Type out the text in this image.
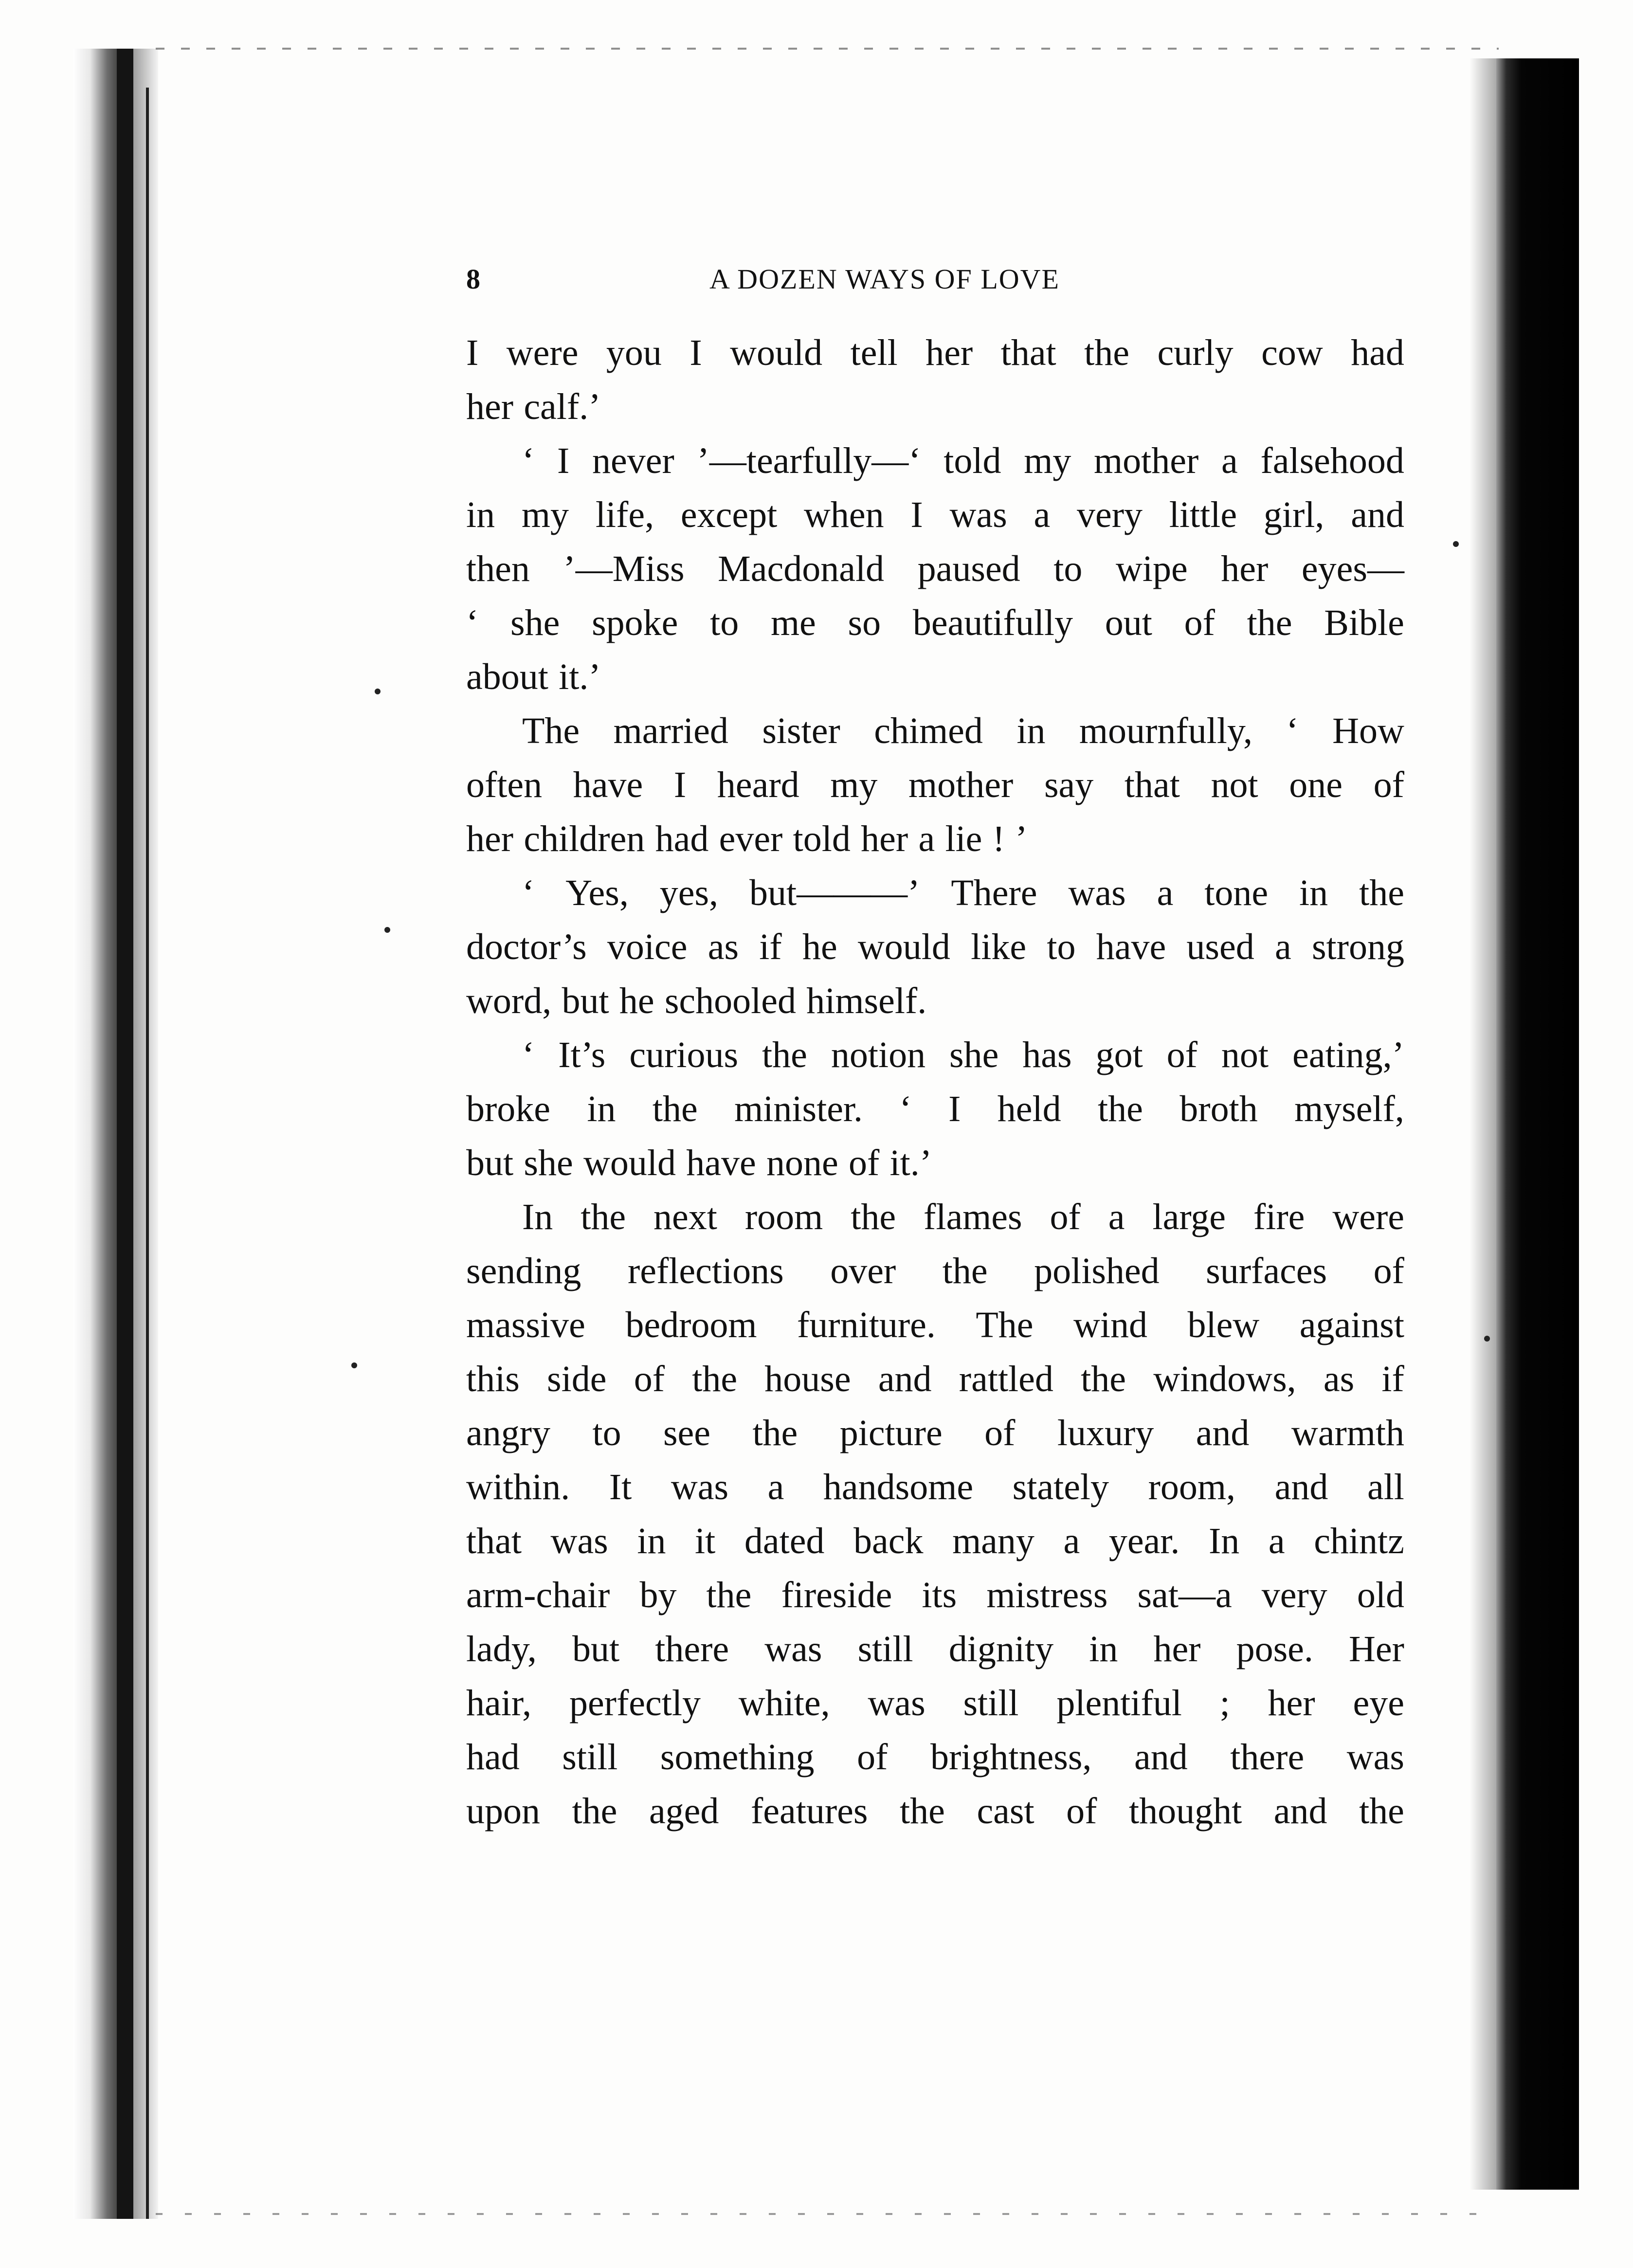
8	A DOZEN WAYS OF LOVE
I were you I would tell her that the curly cow had
her calf.’
‘ I never ’—tearfully—‘ told my mother a falsehood
in my life, except when I was a very little girl, and
then ’—Miss Macdonald paused to wipe her eyes—
‘ she spoke to me so beautifully out of the Bible
about it.’
The married sister chimed in mournfully, ‘ How
often have I heard my mother say that not one of
her children had ever told her a lie ! ’
‘ Yes, yes, but———’ There was a tone in the
doctor’s voice as if he would like to have used a strong
word, but he schooled himself.
‘ It’s curious the notion she has got of not eating,’
broke in the minister. ‘ I held the broth myself,
but she would have none of it.’
In the next room the flames of a large fire were
sending reflections over the polished surfaces of
massive bedroom furniture. The wind blew against
this side of the house and rattled the windows, as if
angry to see the picture of luxury and warmth
within. It was a handsome stately room, and all
that was in it dated back many a year. In a chintz
arm-chair by the fireside its mistress sat—a very old
lady, but there was still dignity in her pose. Her
hair, perfectly white, was still plentiful ; her eye
had still something of brightness, and there was
upon the aged features the cast of thought and the
